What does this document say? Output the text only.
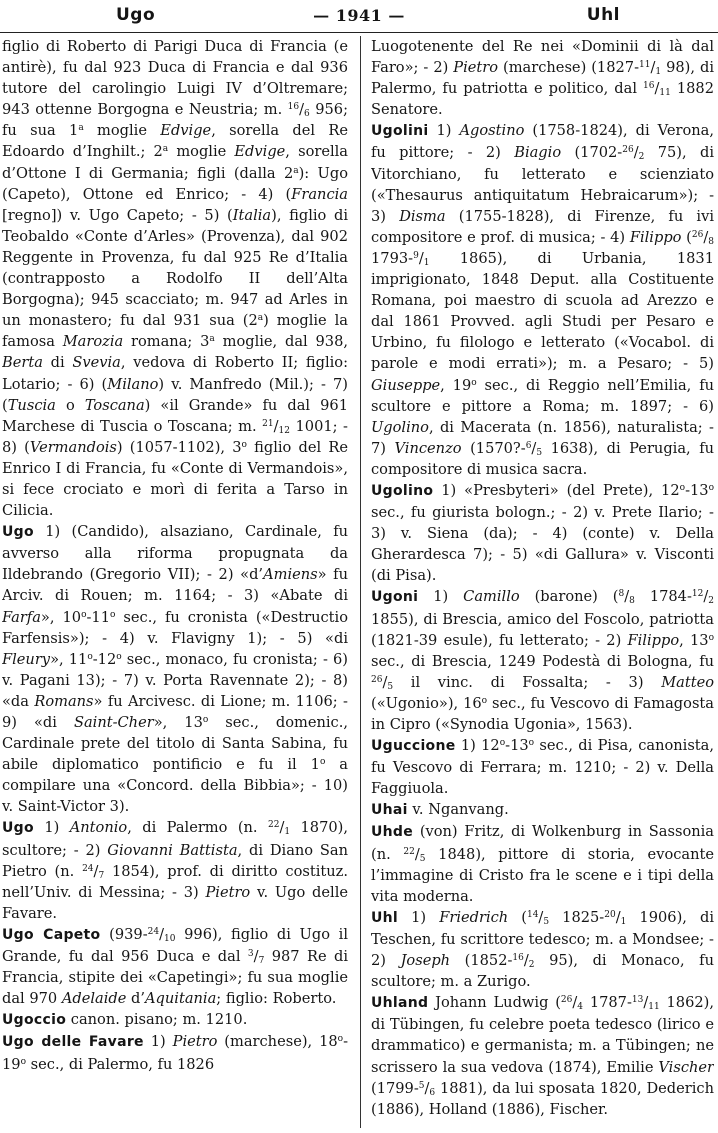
Ugo	— 1941 —	Uhl

figlio di Roberto di Parigi Duca di Francia (e antirè), fu dal 923 Duca di Francia e dal 936 tutore del carolingio Luigi IV d’Oltremare; 943 ottenne Borgogna e Neustria; m. $^{16}/_6$ 956; fu sua 1$^a$ moglie Edvige, sorella del Re Edoardo d’Inghilt.; 2$^a$ moglie Edvige, sorella d’Ottone I di Germania; figli (dalla 2$^a$): Ugo (Capeto), Ottone ed Enrico; - 4) (Francia [regno]) v. Ugo Capeto; - 5) (Italia), figlio di Teobaldo «Conte d’Arles» (Provenza), dal 902 Reggente in Provenza, fu dal 925 Re d’Italia (contrapposto a Rodolfo II dell’Alta Borgogna); 945 scacciato; m. 947 ad Arles in un monastero; fu dal 931 sua (2$^a$) moglie la famosa Marozia romana; 3$^a$ moglie, dal 938, Berta di Svevia, vedova di Roberto II; figlio: Lotario; - 6) (Milano) v. Manfredo (Mil.); - 7) (Tuscia o Toscana) «il Grande» fu dal 961 Marchese di Tuscia o Toscana; m. $^{21}/_{12}$ 1001; - 8) (Vermandois) (1057-1102), 3$^o$ figlio del Re Enrico I di Francia, fu «Conte di Vermandois», si fece crociato e morì di ferita a Tarso in Cilicia.

Ugo 1) (Candido), alsaziano, Cardinale, fu avverso alla riforma propugnata da Ildebrando (Gregorio VII); - 2) «d’Amiens» fu Arciv. di Rouen; m. 1164; - 3) «Abate di Farfa», 10$^o$-11$^o$ sec., fu cronista («Destructio Farfensis»); - 4) v. Flavigny 1); - 5) «di Fleury», 11$^o$-12$^o$ sec., monaco, fu cronista; - 6) v. Pagani 13); - 7) v. Porta Ravennate 2); - 8) «da Romans» fu Arcivesc. di Lione; m. 1106; - 9) «di Saint-Cher», 13$^o$ sec., domenic., Cardinale prete del titolo di Santa Sabina, fu abile diplomatico pontificio e fu il 1$^o$ a compilare una «Concord. della Bibbia»; - 10) v. Saint-Victor 3).

Ugo 1) Antonio, di Palermo (n. $^{22}/_1$ 1870), scultore; - 2) Giovanni Battista, di Diano San Pietro (n. $^{24}/_7$ 1854), prof. di diritto costituz. nell’Univ. di Messina; - 3) Pietro v. Ugo delle Favare.

Ugo Capeto ($939-^{24}/_{10}$ 996), figlio di Ugo il Grande, fu dal 956 Duca e dal $^3/_7$ 987 Re di Francia, stipite dei «Capetingi»; fu sua moglie dal 970 Adelaide d’Aquitania; figlio: Roberto.

Ugoccio canon. pisano; m. 1210.

Ugo delle Favare 1) Pietro (marchese), 18$^o$-19$^o$ sec., di Palermo, fu 1826

Luogotenente del Re nei «Dominii di là dal Faro»; - 2) Pietro (marchese) ($1827-^{11}/_1$ 98), di Palermo, fu patriotta e politico, dal $^{16}/_{11}$ 1882 Senatore.

Ugolini 1) Agostino (1758-1824), di Verona, fu pittore; - 2) Biagio ($1702-^{26}/_2$ 75), di Vitorchiano, fu letterato e scienziato («Thesaurus antiquitatum Hebraicarum»); - 3) Disma (1755-1828), di Firenze, fu ivi compositore e prof. di musica; - 4) Filippo ($^{26}/_8$ $1793-^9/_1$ 1865), di Urbania, 1831 imprigionato, 1848 Deput. alla Costituente Romana, poi maestro di scuola ad Arezzo e dal 1861 Provved. agli Studi per Pesaro e Urbino, fu filologo e letterato («Vocabol. di parole e modi errati»); m. a Pesaro; - 5) Giuseppe, 19$^o$ sec., di Reggio nell’Emilia, fu scultore e pittore a Roma; m. 1897; - 6) Ugolino, di Macerata (n. 1856), naturalista; - 7) Vincenzo ($1570?-^6/_5$ 1638), di Perugia, fu compositore di musica sacra.

Ugolino 1) «Presbyteri» (del Prete), 12$^o$-13$^o$ sec., fu giurista bologn.; - 2) v. Prete Ilario; - 3) v. Siena (da); - 4) (conte) v. Della Gherardesca 7); - 5) «di Gallura» v. Visconti (di Pisa).

Ugoni 1) Camillo (barone) ($^8/_8$ $1784-^{12}/_2$ 1855), di Brescia, amico del Foscolo, patriotta (1821-39 esule), fu letterato; - 2) Filippo, 13$^o$ sec., di Brescia, 1249 Podestà di Bologna, fu $^{26}/_5$ il vinc. di Fossalta; - 3) Matteo («Ugonio»), 16$^o$ sec., fu Vescovo di Famagosta in Cipro («Synodia Ugonia», 1563).

Uguccione 1) 12$^o$-13$^o$ sec., di Pisa, canonista, fu Vescovo di Ferrara; m. 1210; - 2) v. Della Faggiuola.

Uhai v. Nganvang.

Uhde (von) Fritz, di Wolkenburg in Sassonia (n. $^{22}/_5$ 1848), pittore di storia, evocante l’immagine di Cristo fra le scene e i tipi della vita moderna.

Uhl 1) Friedrich ($^{14}/_5$ $1825-^{20}/_1$ 1906), di Teschen, fu scrittore tedesco; m. a Mondsee; - 2) Joseph ($1852-^{16}/_2$ 95), di Monaco, fu scultore; m. a Zurigo.

Uhland Johann Ludwig ($^{26}/_4$ $1787-^{13}/_{11}$ 1862), di Tübingen, fu celebre poeta tedesco (lirico e drammatico) e germanista; m. a Tübingen; ne scrissero la sua vedova (1874), Emilie Vischer ($1799-^5/_6$ 1881), da lui sposata 1820, Dederich (1886), Holland (1886), Fischer.
